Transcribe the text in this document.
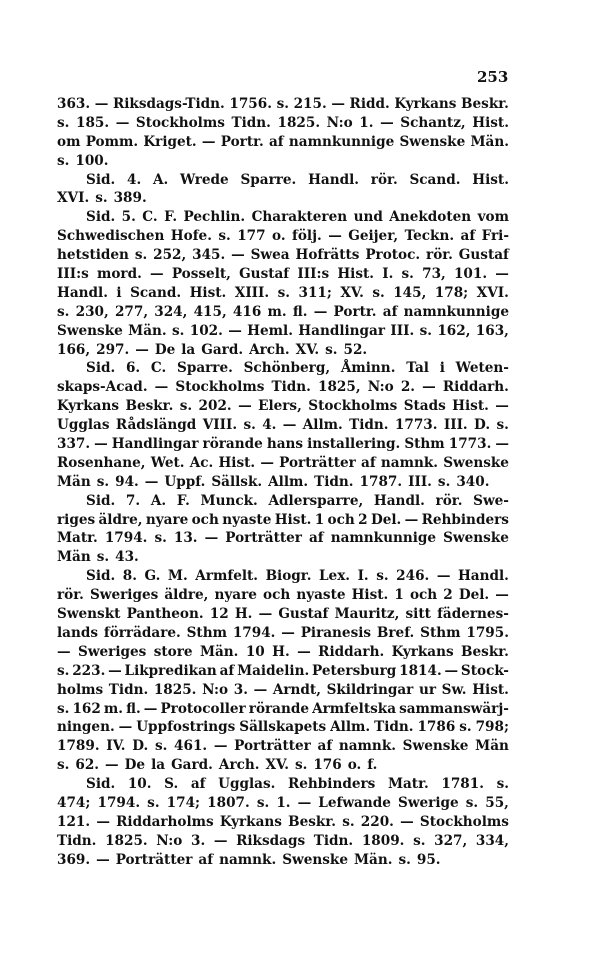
253
363. — Riksdags-Tidn. 1756. s. 215. — Ridd. Kyrkans Beskr.
s. 185. — Stockholms Tidn. 1825. N:o 1. — Schantz, Hist.
om Pomm. Kriget. — Portr. af namnkunnige Swenske Män.
s. 100.
Sid. 4. A. Wrede Sparre. Handl. rör. Scand. Hist.
XVI. s. 389.
Sid. 5. C. F. Pechlin. Charakteren und Anekdoten vom
Schwedischen Hofe. s. 177 o. följ. — Geijer, Teckn. af Fri-
hetstiden s. 252, 345. — Swea Hofrätts Protoc. rör. Gustaf
III:s mord. — Posselt, Gustaf III:s Hist. I. s. 73, 101. —
Handl. i Scand. Hist. XIII. s. 311; XV. s. 145, 178; XVI.
s. 230, 277, 324, 415, 416 m. fl. — Portr. af namnkunnige
Swenske Män. s. 102. — Heml. Handlingar III. s. 162, 163,
166, 297. — De la Gard. Arch. XV. s. 52.
Sid. 6. C. Sparre. Schönberg, Åminn. Tal i Weten-
skaps-Acad. — Stockholms Tidn. 1825, N:o 2. — Riddarh.
Kyrkans Beskr. s. 202. — Elers, Stockholms Stads Hist. —
Ugglas Rådslängd VIII. s. 4. — Allm. Tidn. 1773. III. D. s.
337. — Handlingar rörande hans installering. Sthm 1773. —
Rosenhane, Wet. Ac. Hist. — Porträtter af namnk. Swenske
Män s. 94. — Uppf. Sällsk. Allm. Tidn. 1787. III. s. 340.
Sid. 7. A. F. Munck. Adlersparre, Handl. rör. Swe-
riges äldre, nyare och nyaste Hist. 1 och 2 Del. — Rehbinders
Matr. 1794. s. 13. — Porträtter af namnkunnige Swenske
Män s. 43.
Sid. 8. G. M. Armfelt. Biogr. Lex. I. s. 246. — Handl.
rör. Sweriges äldre, nyare och nyaste Hist. 1 och 2 Del. —
Swenskt Pantheon. 12 H. — Gustaf Mauritz, sitt fädernes-
lands förrädare. Sthm 1794. — Piranesis Bref. Sthm 1795.
— Sweriges store Män. 10 H. — Riddarh. Kyrkans Beskr.
s. 223. — Likpredikan af Maidelin. Petersburg 1814. — Stock-
holms Tidn. 1825. N:o 3. — Arndt, Skildringar ur Sw. Hist.
s. 162 m. fl. — Protocoller rörande Armfeltska sammanswärj-
ningen. — Uppfostrings Sällskapets Allm. Tidn. 1786 s. 798;
1789. IV. D. s. 461. — Porträtter af namnk. Swenske Män
s. 62. — De la Gard. Arch. XV. s. 176 o. f.
Sid. 10. S. af Ugglas. Rehbinders Matr. 1781. s.
474; 1794. s. 174; 1807. s. 1. — Lefwande Swerige s. 55,
121. — Riddarholms Kyrkans Beskr. s. 220. — Stockholms
Tidn. 1825. N:o 3. — Riksdags Tidn. 1809. s. 327, 334,
369. — Porträtter af namnk. Swenske Män. s. 95.
